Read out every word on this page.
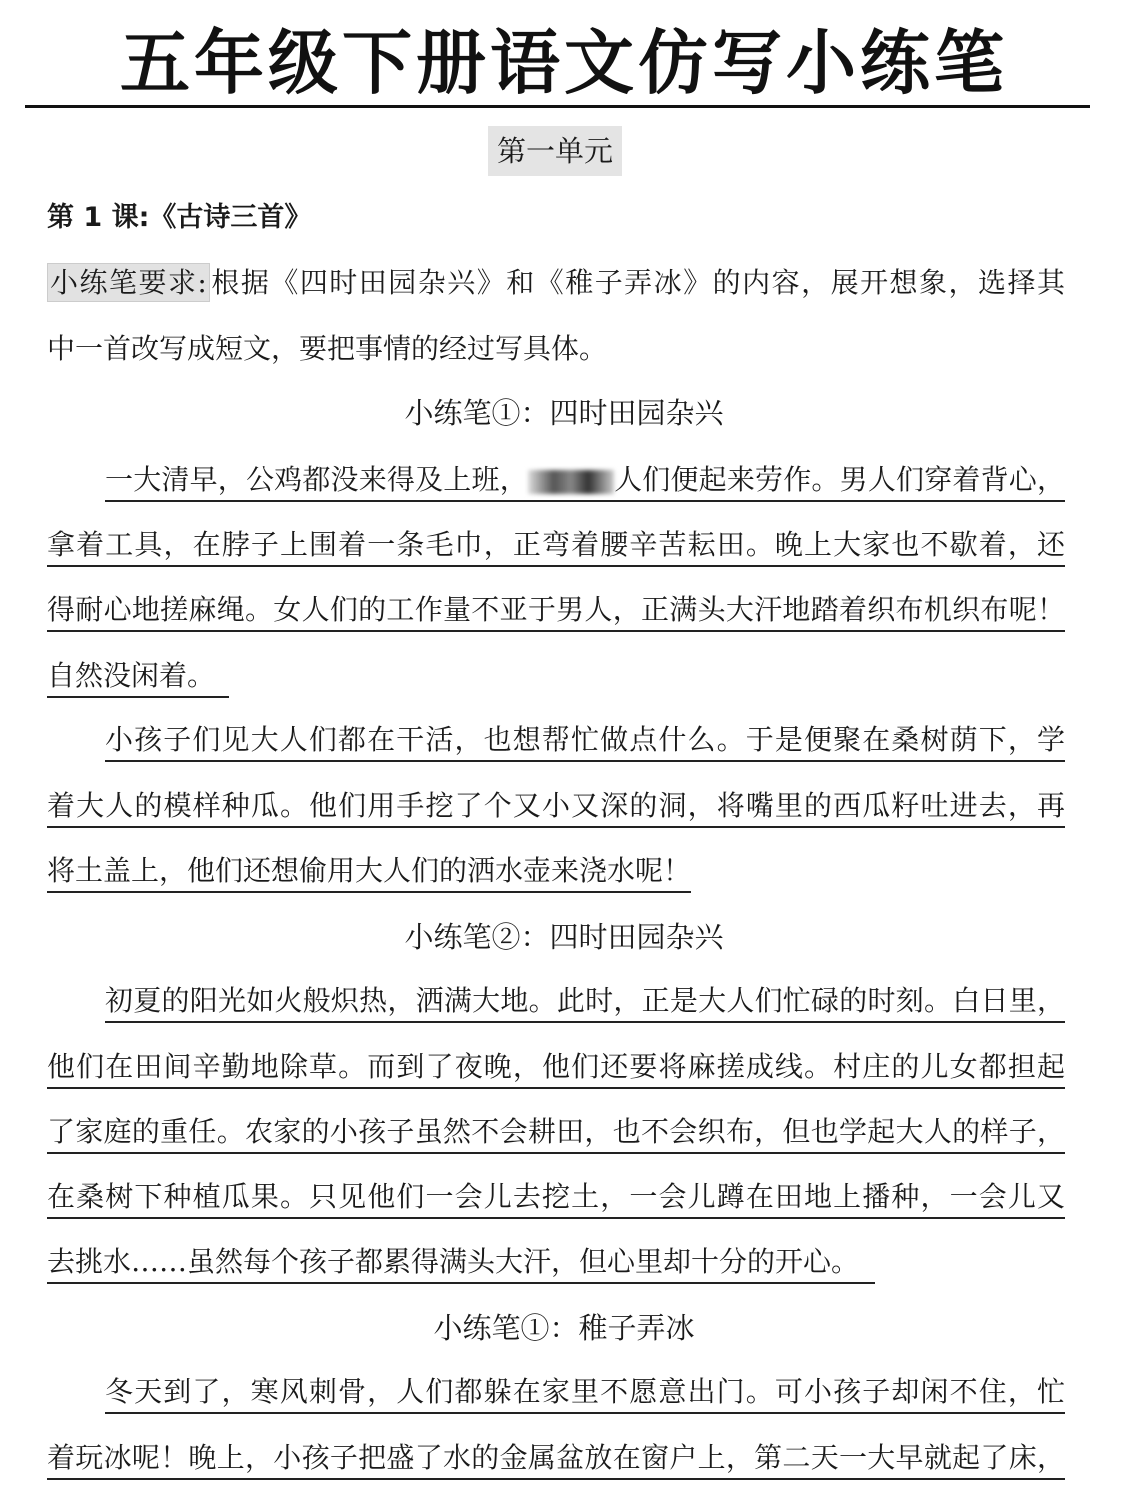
五年级下册语文仿写小练笔
第一单元
第 1 课:《古诗三首》
小练笔要求: 根据《四时田园杂兴》和《稚子弄冰》的内容，展开想象，选择其
中一首改写成短文，要把事情的经过写具体。
小练笔①：四时田园杂兴
一大清早，公鸡都没来得及上班，	人们便起来劳作。男人们穿着背心，
拿着工具，在脖子上围着一条毛巾，正弯着腰辛苦耘田。晚上大家也不歇着，还
得耐心地搓麻绳。女人们的工作量不亚于男人，正满头大汗地踏着织布机织布呢！
自然没闲着。
小孩子们见大人们都在干活，也想帮忙做点什么。于是便聚在桑树荫下，学
着大人的模样种瓜。他们用手挖了个又小又深的洞，将嘴里的西瓜籽吐进去，再
将土盖上，他们还想偷用大人们的洒水壶来浇水呢！
小练笔②：四时田园杂兴
初夏的阳光如火般炽热，洒满大地。此时，正是大人们忙碌的时刻。白日里，
他们在田间辛勤地除草。而到了夜晚，他们还要将麻搓成线。村庄的儿女都担起
了家庭的重任。农家的小孩子虽然不会耕田，也不会织布，但也学起大人的样子，
在桑树下种植瓜果。只见他们一会儿去挖土，一会儿蹲在田地上播种，一会儿又
去挑水……虽然每个孩子都累得满头大汗，但心里却十分的开心。
小练笔①：稚子弄冰
冬天到了，寒风刺骨，人们都躲在家里不愿意出门。可小孩子却闲不住，忙
着玩冰呢！晚上，小孩子把盛了水的金属盆放在窗户上，第二天一大早就起了床，
